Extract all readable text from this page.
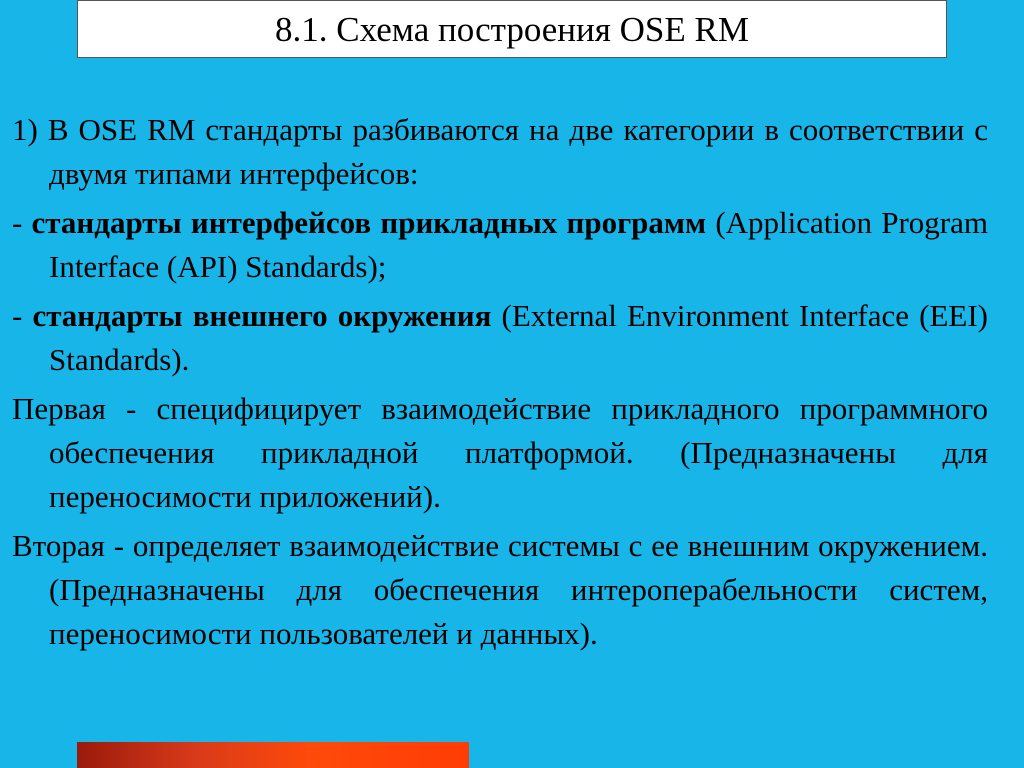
8.1. Схема построения OSE RM

1) В OSE RM стандарты разбиваются на две категории в соответствии с двумя типами интерфейсов:

- стандарты интерфейсов прикладных программ (Application Program Interface (API) Standards);

- стандарты внешнего окружения (External Environment Interface (EEI) Standards).

Первая - специфицирует взаимодействие прикладного программного обеспечения прикладной платформой. (Предназначены для переносимости приложений).

Вторая - определяет взаимодействие системы с ее внешним окружением. (Предназначены для обеспечения интероперабельности систем, переносимости пользователей и данных).
